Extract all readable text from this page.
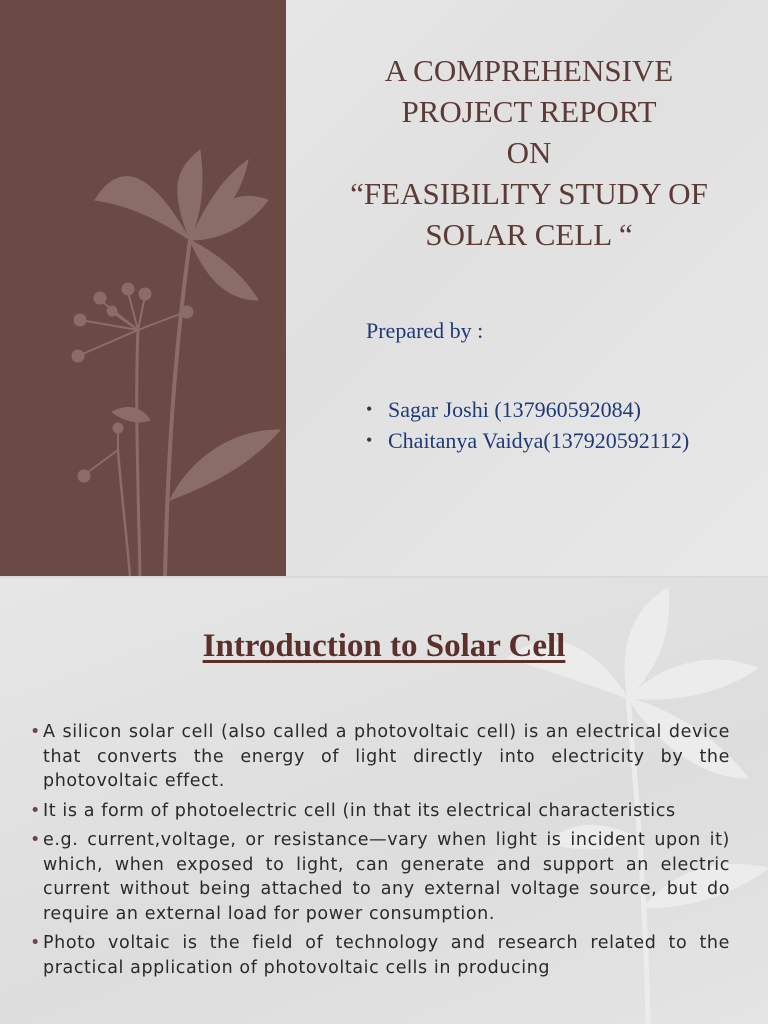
A COMPREHENSIVE
PROJECT REPORT
ON
“FEASIBILITY STUDY OF
SOLAR CELL “
Prepared by :
• Sagar Joshi (137960592084)
• Chaitanya Vaidya(137920592112)
Introduction to Solar Cell
• A silicon solar cell (also called a photovoltaic cell) is an electrical device that converts the energy of light directly into electricity by the photovoltaic effect.
• It is a form of photoelectric cell (in that its electrical characteristics
• e.g. current,voltage, or resistance—vary when light is incident upon it) which, when exposed to light, can generate and support an electric current without being attached to any external voltage source, but do require an external load for power consumption.
• Photo voltaic is the field of technology and research related to the practical application of photovoltaic cells in producing
